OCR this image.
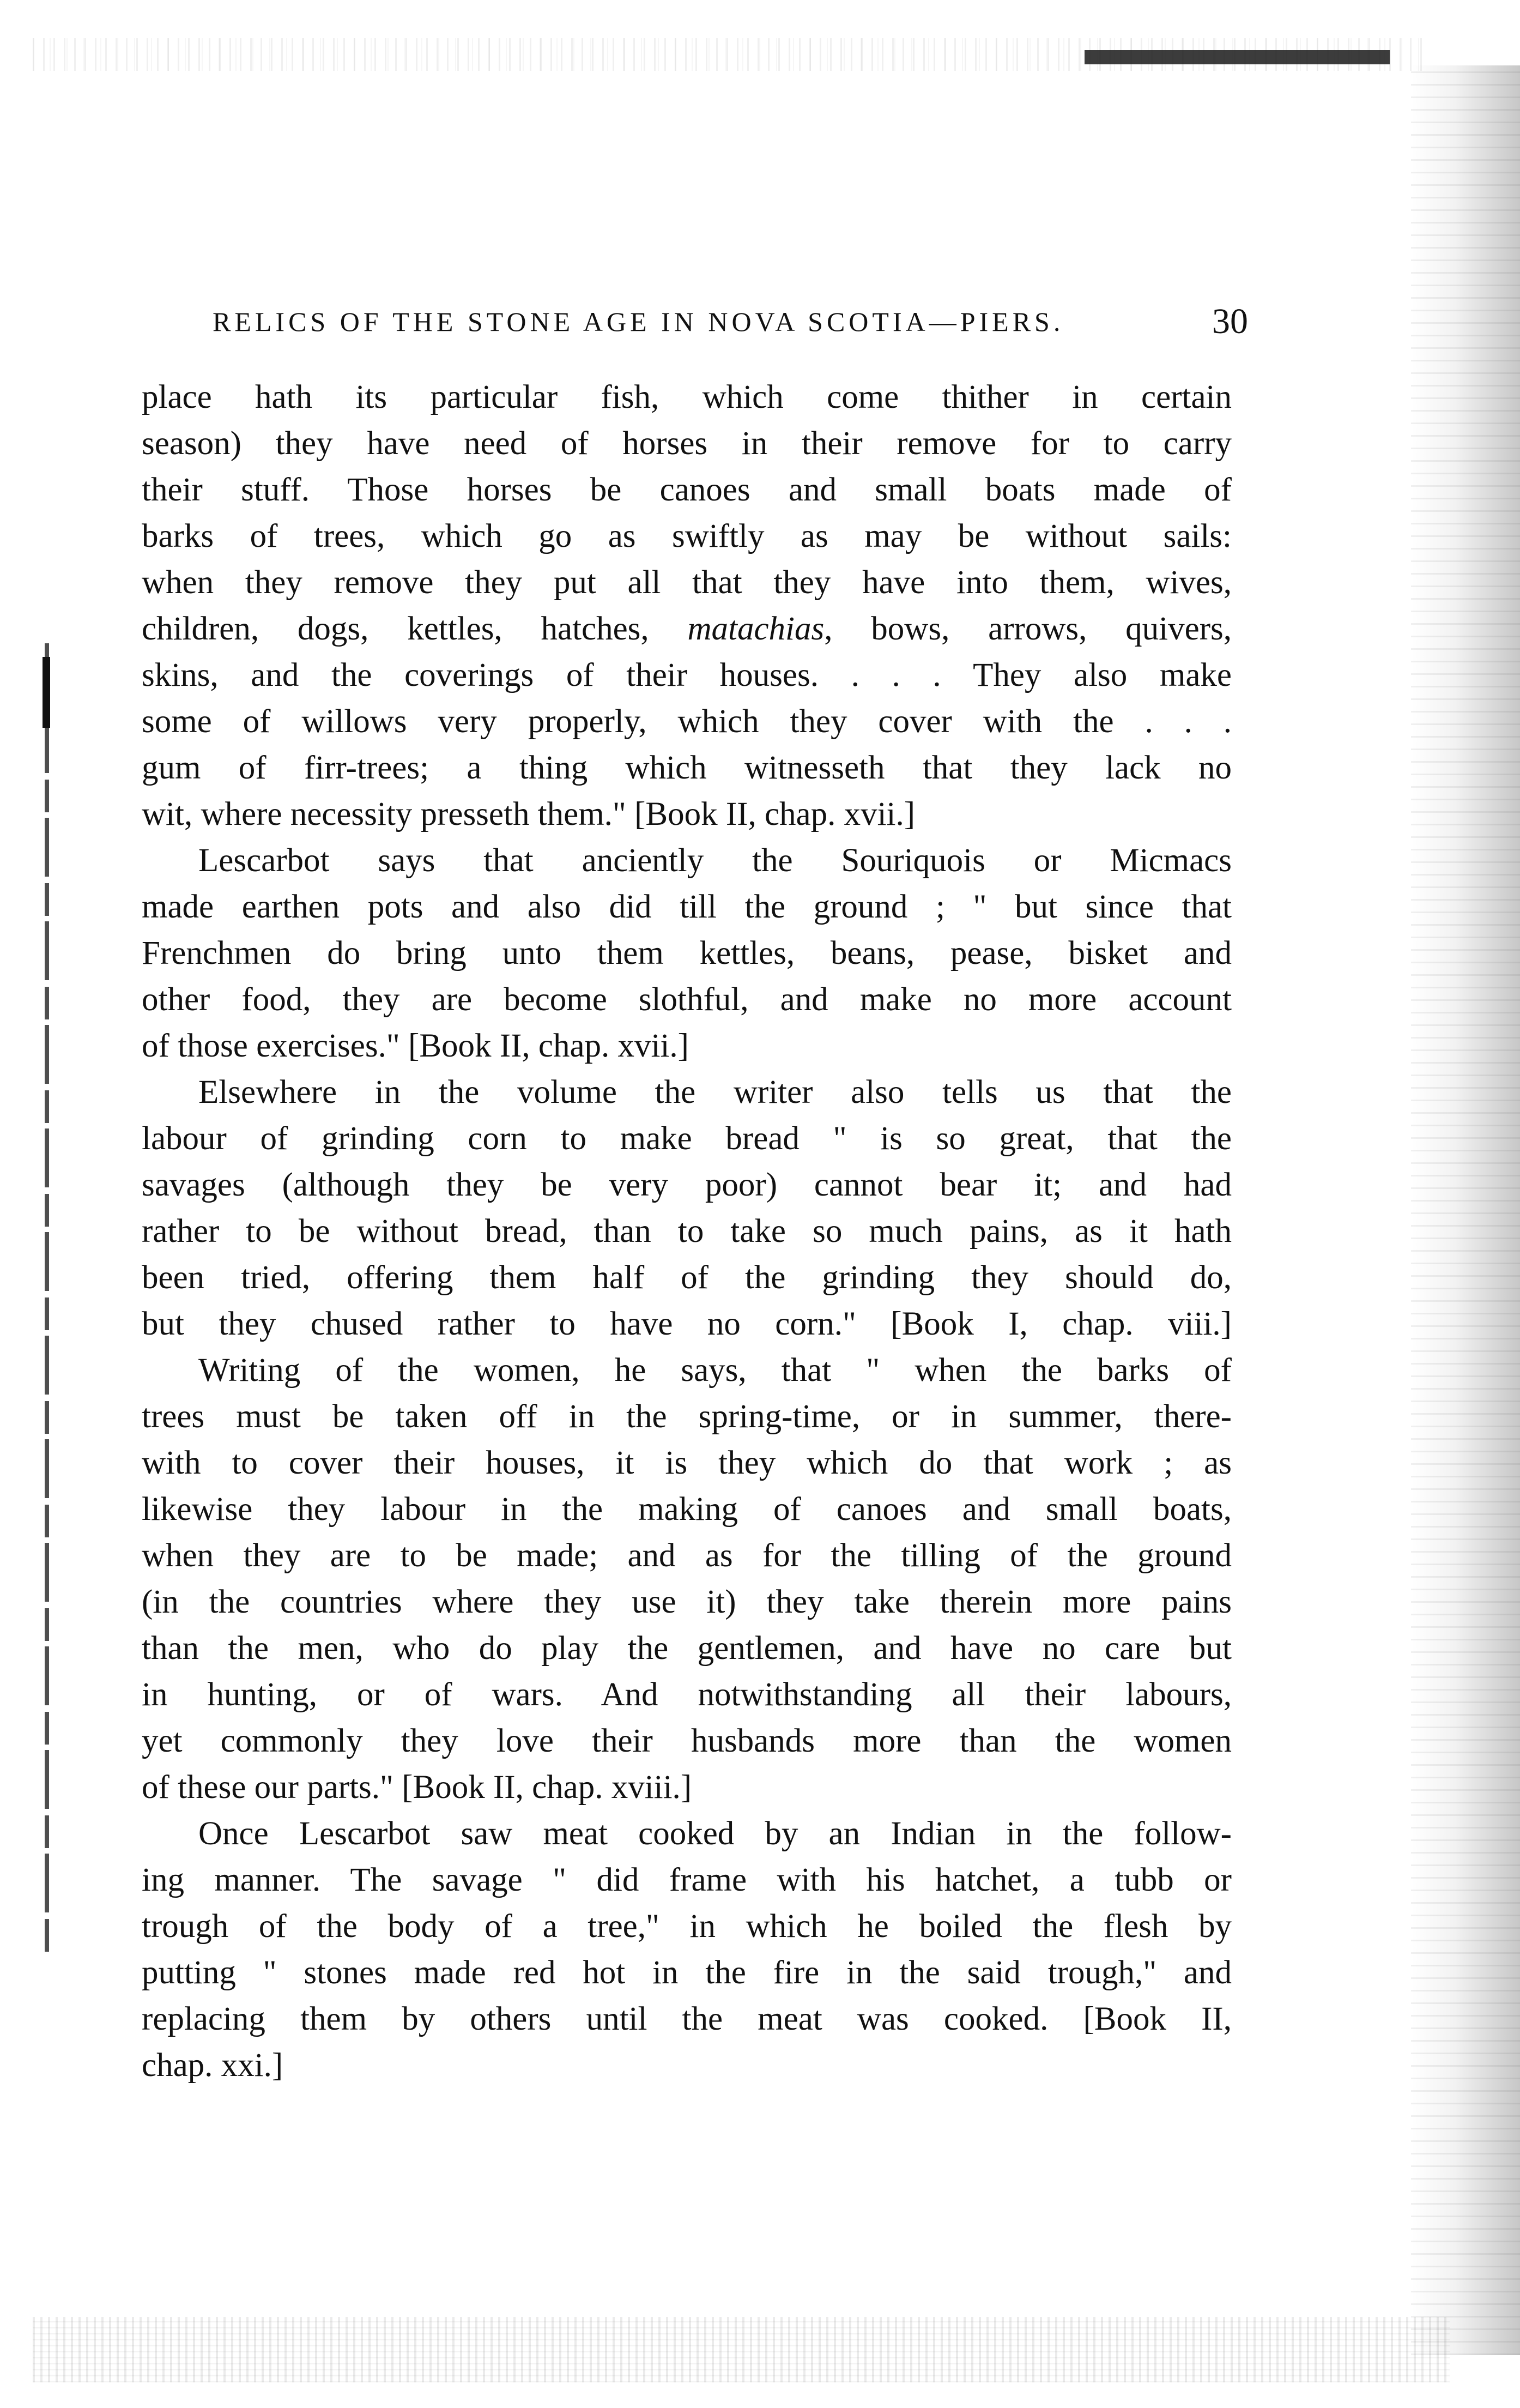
RELICS OF THE STONE AGE IN NOVA SCOTIA—PIERS.	30
place hath its particular fish, which come thither in certain
season) they have need of horses in their remove for to carry
their stuff. Those horses be canoes and small boats made of
barks of trees, which go as swiftly as may be without sails:
when they remove they put all that they have into them, wives,
children, dogs, kettles, hatches, matachias, bows, arrows, quivers,
skins, and the coverings of their houses. . . . They also make
some of willows very properly, which they cover with the . . .
gum of firr-trees; a thing which witnesseth that they lack no
wit, where necessity presseth them." [Book II, chap. xvii.]
Lescarbot says that anciently the Souriquois or Micmacs
made earthen pots and also did till the ground ; " but since that
Frenchmen do bring unto them kettles, beans, pease, bisket and
other food, they are become slothful, and make no more account
of those exercises." [Book II, chap. xvii.]
Elsewhere in the volume the writer also tells us that the
labour of grinding corn to make bread " is so great, that the
savages (although they be very poor) cannot bear it; and had
rather to be without bread, than to take so much pains, as it hath
been tried, offering them half of the grinding they should do,
but they chused rather to have no corn." [Book I, chap. viii.]
Writing of the women, he says, that " when the barks of
trees must be taken off in the spring-time, or in summer, there-
with to cover their houses, it is they which do that work ; as
likewise they labour in the making of canoes and small boats,
when they are to be made; and as for the tilling of the ground
(in the countries where they use it) they take therein more pains
than the men, who do play the gentlemen, and have no care but
in hunting, or of wars. And notwithstanding all their labours,
yet commonly they love their husbands more than the women
of these our parts." [Book II, chap. xviii.]
Once Lescarbot saw meat cooked by an Indian in the follow-
ing manner. The savage " did frame with his hatchet, a tubb or
trough of the body of a tree," in which he boiled the flesh by
putting " stones made red hot in the fire in the said trough," and
replacing them by others until the meat was cooked. [Book II,
chap. xxi.]
